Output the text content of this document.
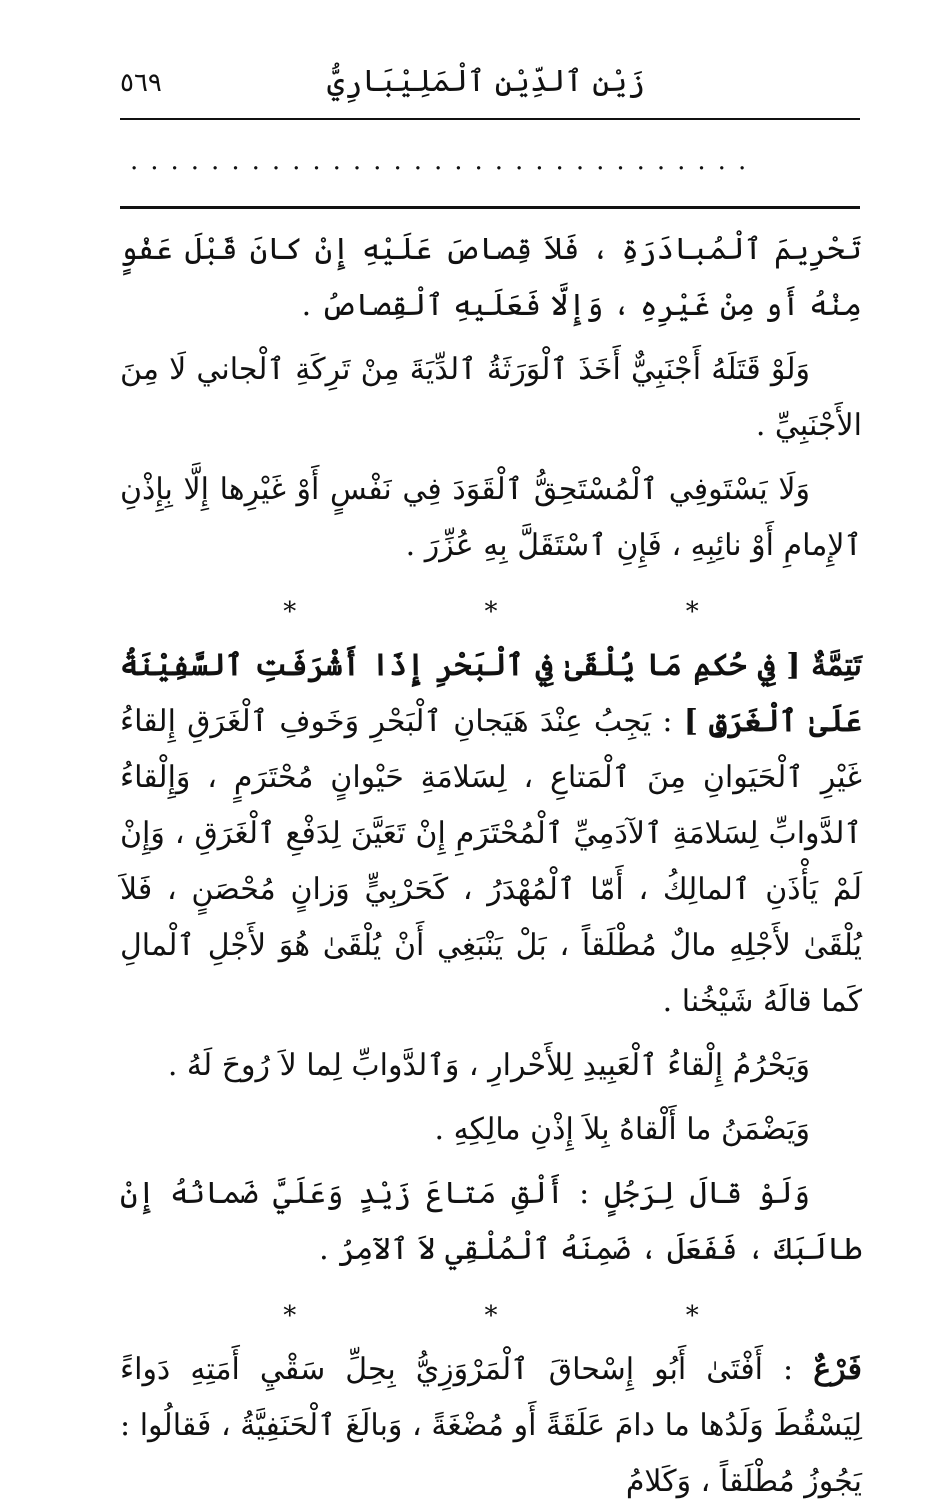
٥٦٩	زَيْن ٱلدِّيْنِ ٱلْمَلِيْبَارِيُّ
...............................

تَحْرِيمَ ٱلْمُبادَرَةِ ، فَلاَ قِصاصَ عَلَيْهِ إِنْ كانَ قَبْلَ عَفْوٍ مِنْهُ أَو مِنْ غَيْرِهِ ، وَإِلَّا فَعَلَيهِ ٱلْقِصاصُ .

وَلَوْ قَتَلَهُ أَجْنَبِيٌّ أَخَذَ ٱلْوَرَثَةُ ٱلدِّيَةَ مِنْ تَرِكَةِ ٱلْجاني لَا مِنَ الأَجْنَبِيِّ .

وَلَا يَسْتَوفِي ٱلْمُسْتَحِقُّ ٱلْقَوَدَ فِي نَفْسٍ أَوْ غَيْرِها إِلَّا بِإِذْنِ ٱلإِمامِ أَوْ نائِبِهِ ، فَإِنِ ٱسْتَقَلَّ بِهِ عُزِّرَ .

* * *

تَتِمَّةٌ [ فِي حُكمِ مَا يُلْقَىٰ فِي ٱلْبَحْرِ إِذَا أَشْرَفَتِ ٱلسَّفِيْنَةُ عَلَىٰ ٱلْغَرَقِ ] : يَجِبُ عِنْدَ هَيَجانِ ٱلْبَحْرِ وَخَوفِ ٱلْغَرَقِ إِلقاءُ غَيْرِ ٱلْحَيَوانِ مِنَ ٱلْمَتاعِ ، لِسَلامَةِ حَيْوانٍ مُحْتَرَمٍ ، وَإِلْقاءُ ٱلدَّوابِّ لِسَلامَةِ ٱلآدَمِيِّ ٱلْمُحْتَرَمِ إِنْ تَعَيَّنَ لِدَفْعِ ٱلْغَرَقِ ، وَإِنْ لَمْ يَأْذَنِ ٱلمالِكُ ، أَمّا ٱلْمُهْدَرُ ، كَحَرْبِيٍّ وَزانٍ مُحْصَنٍ ، فَلاَ يُلْقَىٰ لأَجْلِهِ مالٌ مُطْلَقاً ، بَلْ يَنْبَغِي أَنْ يُلْقَىٰ هُوَ لأَجْلِ ٱلْمالِ كَما قالَهُ شَيْخُنا .

وَيَحْرُمُ إِلْقاءُ ٱلْعَبِيدِ لِلأَحْرارِ ، وَٱلدَّوابِّ لِما لاَ رُوحَ لَهُ .

وَيَضْمَنُ ما أَلْقاهُ بِلاَ إِذْنِ مالِكِهِ .

وَلَوْ قالَ لِرَجُلٍ : أَلْقِ مَتاعَ زَيْدٍ وَعَلَيَّ ضَمانُهُ إِنْ طالَبَكَ ، فَفَعَلَ ، ضَمِنَهُ ٱلْمُلْقِي لاَ ٱلآمِرُ .

* * *

فَرْعٌ : أَفْتَىٰ أَبُو إِسْحاقَ ٱلْمَرْوَزِيُّ بِحِلِّ سَقْيِ أَمَتِهِ دَواءً لِيَسْقُطَ وَلَدُها ما دامَ عَلَقَةً أَو مُضْغَةً ، وَبالَغَ ٱلْحَنَفِيَّةُ ، فَقالُوا : يَجُوزُ مُطْلَقاً ، وَكَلامُ
